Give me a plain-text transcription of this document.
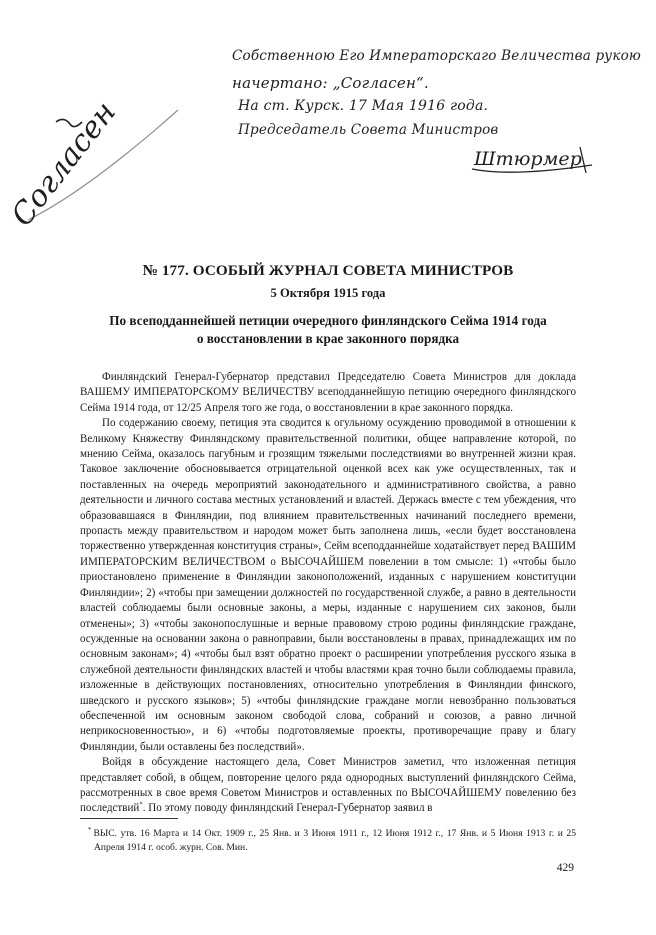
Согласен
Собственною Его Императорскаго Величества рукою
начертано: „Согласен“.
На ст. Курск. 17 Мая 1916 года.
Председатель Совета Министров
Штюрмер
№ 177. ОСОБЫЙ ЖУРНАЛ СОВЕТА МИНИСТРОВ
5 Октября 1915 года
По всеподданнейшей петиции очередного финляндского Сейма 1914 года
о восстановлении в крае законного порядка

Финляндский Генерал-Губернатор представил Председателю Совета Министров для доклада ВАШЕМУ ИМПЕРАТОРСКОМУ ВЕЛИЧЕСТВУ всеподданнейшую петицию очередного финляндского Сейма 1914 года, от 12/25 Апреля того же года, о восстановлении в крае законного порядка.

По содержанию своему, петиция эта сводится к огульному осуждению проводимой в отношении к Великому Княжеству Финляндскому правительственной политики, общее направление которой, по мнению Сейма, оказалось пагубным и грозящим тяжелыми последствиями во внутренней жизни края. Таковое заключение обосновывается отрицательной оценкой всех как уже осуществленных, так и поставленных на очередь мероприятий законодательного и административного свойства, а равно деятельности и личного состава местных установлений и властей. Держась вместе с тем убеждения, что образовавшаяся в Финляндии, под влиянием правительственных начинаний последнего времени, пропасть между правительством и народом может быть заполнена лишь, «если будет восстановлена торжественно утвержденная конституция страны», Сейм всеподданнейше ходатайствует перед ВАШИМ ИМПЕРАТОРСКИМ ВЕЛИЧЕСТВОМ о ВЫСОЧАЙШЕМ повелении в том смысле: 1) «чтобы было приостановлено применение в Финляндии законоположений, изданных с нарушением конституции Финляндии»; 2) «чтобы при замещении должностей по государственной службе, а равно в деятельности властей соблюдаемы были основные законы, а меры, изданные с нарушением сих законов, были отменены»; 3) «чтобы законопослушные и верные правовому строю родины финляндские граждане, осужденные на основании закона о равноправии, были восстановлены в правах, принадлежащих им по основным законам»; 4) «чтобы был взят обратно проект о расширении употребления русского языка в служебной деятельности финляндских властей и чтобы властями края точно были соблюдаемы правила, изложенные в действующих постановлениях, относительно употребления в Финляндии финского, шведского и русского языков»; 5) «чтобы финляндские граждане могли невозбранно пользоваться обеспеченной им основным законом свободой слова, собраний и союзов, а равно личной неприкосновенностью», и 6) «чтобы подготовляемые проекты, противоречащие праву и благу Финляндии, были оставлены без последствий».

Войдя в обсуждение настоящего дела, Совет Министров заметил, что изложенная петиция представляет собой, в общем, повторение целого ряда однородных выступлений финляндского Сейма, рассмотренных в свое время Советом Министров и оставленных по ВЫСОЧАЙШЕМУ повелению без последствий*. По этому поводу финляндский Генерал-Губернатор заявил в

* ВЫС. утв. 16 Марта и 14 Окт. 1909 г., 25 Янв. и 3 Июня 1911 г., 12 Июня 1912 г., 17 Янв. и 5 Июня 1913 г. и 25 Апреля 1914 г. особ. журн. Сов. Мин.
429
